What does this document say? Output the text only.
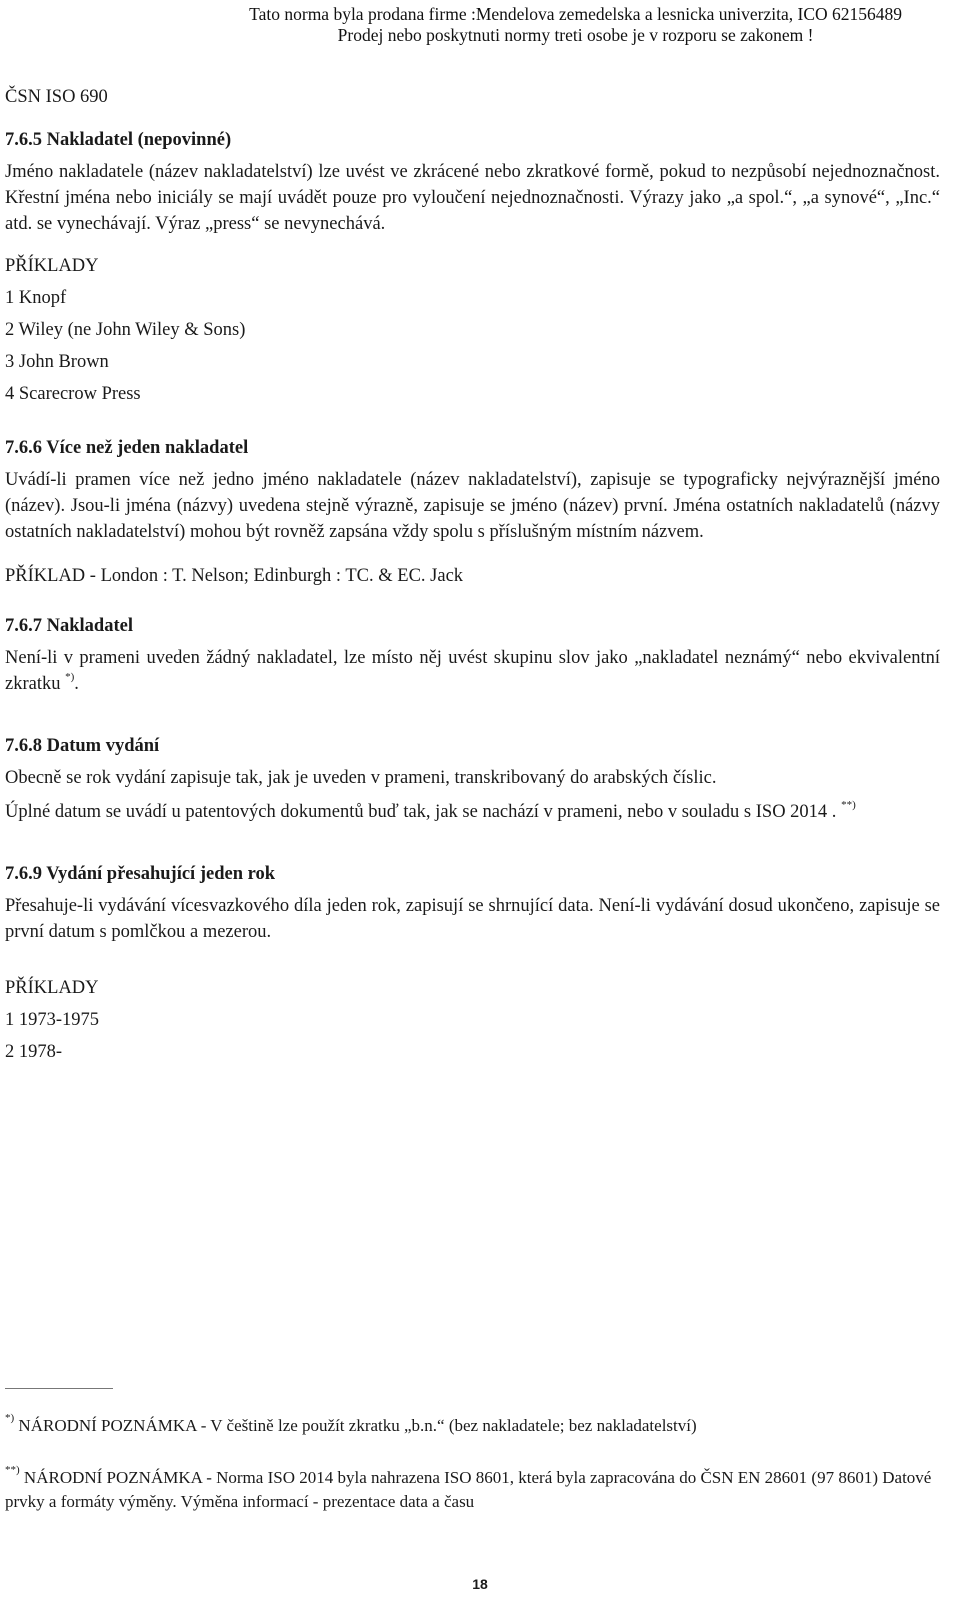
Tato norma byla prodana firme :Mendelova zemedelska a lesnicka univerzita, ICO 62156489
Prodej nebo poskytnuti normy treti osobe je v rozporu se zakonem !
ČSN ISO 690
7.6.5 Nakladatel (nepovinné)

Jméno nakladatele (název nakladatelství) lze uvést ve zkrácené nebo zkratkové formě, pokud to nezpůsobí nejednoznačnost. Křestní jména nebo iniciály se mají uvádět pouze pro vyloučení nejednoznačnosti. Výrazy jako „a spol.“, „a synové“, „Inc.“ atd. se vynechávají. Výraz „press“ se nevynechává.

PŘÍKLADY
1 Knopf
2 Wiley (ne John Wiley & Sons)
3 John Brown
4 Scarecrow Press
7.6.6 Více než jeden nakladatel

Uvádí-li pramen více než jedno jméno nakladatele (název nakladatelství), zapisuje se typograficky nejvýraznější jméno (název). Jsou-li jména (názvy) uvedena stejně výrazně, zapisuje se jméno (název) první. Jména ostatních nakladatelů (názvy ostatních nakladatelství) mohou být rovněž zapsána vždy spolu s příslušným místním názvem.

PŘÍKLAD - London : T. Nelson; Edinburgh : TC. & EC. Jack
7.6.7 Nakladatel

Není-li v prameni uveden žádný nakladatel, lze místo něj uvést skupinu slov jako „nakladatel neznámý“ nebo ekvivalentní zkratku *).

7.6.8 Datum vydání

Obecně se rok vydání zapisuje tak, jak je uveden v prameni, transkribovaný do arabských číslic.

Úplné datum se uvádí u patentových dokumentů buď tak, jak se nachází v prameni, nebo v souladu s ISO 2014 . **)

7.6.9 Vydání přesahující jeden rok

Přesahuje-li vydávání vícesvazkového díla jeden rok, zapisují se shrnující data. Není-li vydávání dosud ukončeno, zapisuje se první datum s pomlčkou a mezerou.

PŘÍKLADY
1 1973-1975
2 1978-
*) NÁRODNÍ POZNÁMKA - V češtině lze použít zkratku „b.n.“ (bez nakladatele; bez nakladatelství)
**) NÁRODNÍ POZNÁMKA - Norma ISO 2014 byla nahrazena ISO 8601, která byla zapracována do ČSN EN 28601 (97 8601) Datové prvky a formáty výměny. Výměna informací - prezentace data a času
18
